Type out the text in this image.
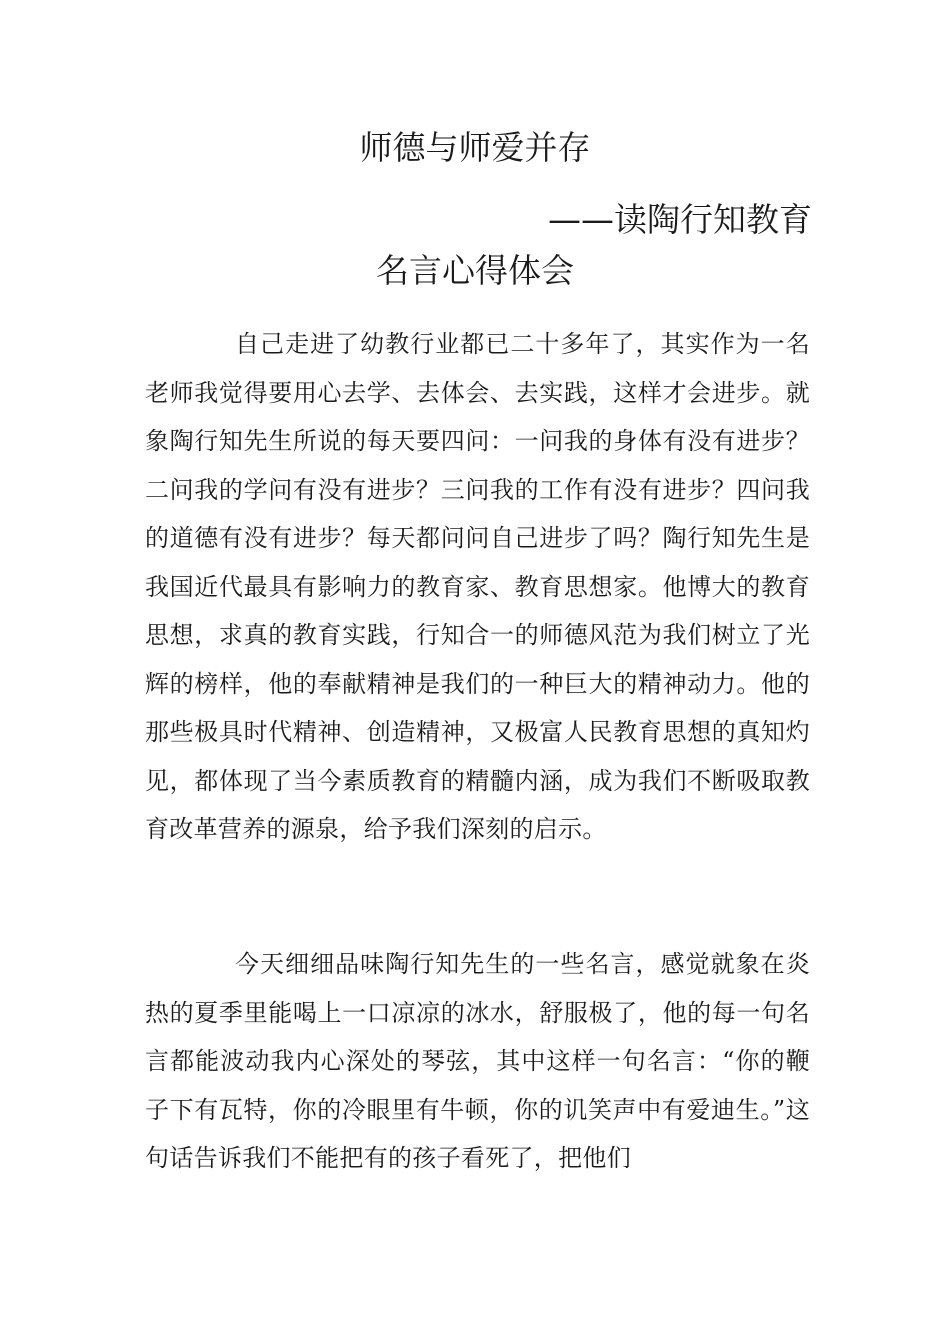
师德与师爱并存
——读陶行知教育
名言心得体会

自己走进了幼教行业都已二十多年了，其实作为一名老师我觉得要用心去学、去体会、去实践，这样才会进步。就象陶行知先生所说的每天要四问：一问我的身体有没有进步？二问我的学问有没有进步？三问我的工作有没有进步？四问我的道德有没有进步？每天都问问自己进步了吗？陶行知先生是我国近代最具有影响力的教育家、教育思想家。他博大的教育思想，求真的教育实践，行知合一的师德风范为我们树立了光辉的榜样，他的奉献精神是我们的一种巨大的精神动力。他的那些极具时代精神、创造精神，又极富人民教育思想的真知灼见，都体现了当今素质教育的精髓内涵，成为我们不断吸取教育改革营养的源泉，给予我们深刻的启示。

今天细细品味陶行知先生的一些名言，感觉就象在炎热的夏季里能喝上一口凉凉的冰水，舒服极了，他的每一句名言都能波动我内心深处的琴弦，其中这样一句名言：“你的鞭子下有瓦特，你的冷眼里有牛顿，你的讥笑声中有爱迪生。”这句话告诉我们不能把有的孩子看死了，把他们
